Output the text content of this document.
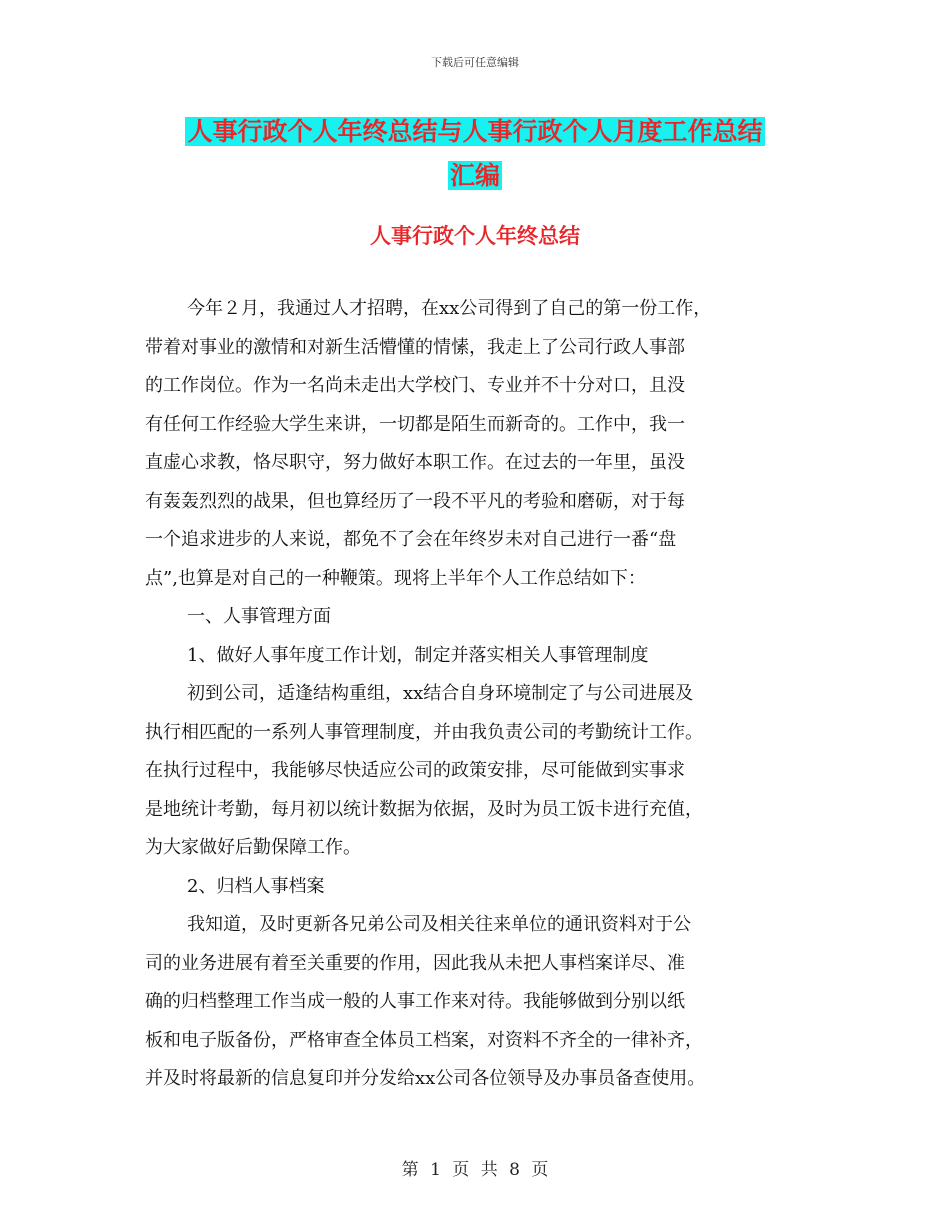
下载后可任意编辑
人事行政个人年终总结与人事行政个人月度工作总结
汇编
人事行政个人年终总结
今年２月，我通过人才招聘，在xx公司得到了自己的第一份工作，
带着对事业的激情和对新生活懵懂的情愫，我走上了公司行政人事部
的工作岗位。作为一名尚未走出大学校门、专业并不十分对口，且没
有任何工作经验大学生来讲，一切都是陌生而新奇的。工作中，我一
直虚心求教，恪尽职守，努力做好本职工作。在过去的一年里，虽没
有轰轰烈烈的战果，但也算经历了一段不平凡的考验和磨砺，对于每
一个追求进步的人来说，都免不了会在年终岁未对自己进行一番“盘
点”,也算是对自己的一种鞭策。现将上半年个人工作总结如下：
一、人事管理方面
1、做好人事年度工作计划，制定并落实相关人事管理制度
初到公司，适逢结构重组，xx结合自身环境制定了与公司进展及
执行相匹配的一系列人事管理制度，并由我负责公司的考勤统计工作。
在执行过程中，我能够尽快适应公司的政策安排，尽可能做到实事求
是地统计考勤，每月初以统计数据为依据，及时为员工饭卡进行充值，
为大家做好后勤保障工作。
2、归档人事档案
我知道，及时更新各兄弟公司及相关往来单位的通讯资料对于公
司的业务进展有着至关重要的作用，因此我从未把人事档案详尽、准
确的归档整理工作当成一般的人事工作来对待。我能够做到分别以纸
板和电子版备份，严格审查全体员工档案，对资料不齐全的一律补齐，
并及时将最新的信息复印并分发给xx公司各位领导及办事员备查使用。
第 1 页 共 8 页
